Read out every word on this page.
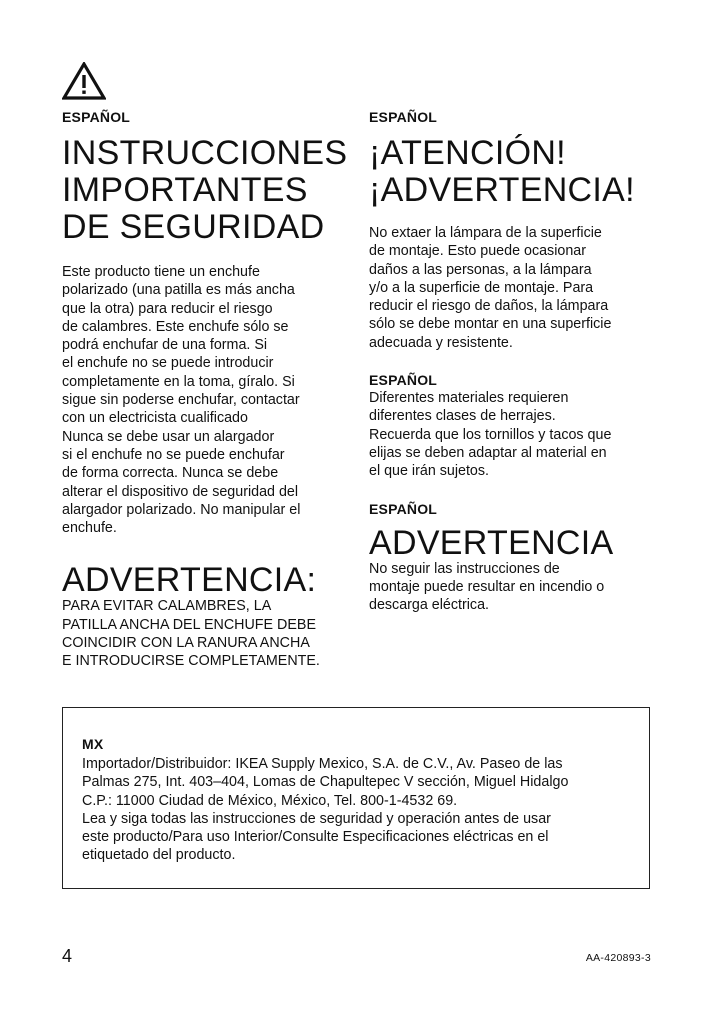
ESPAÑOL

INSTRUCCIONES
IMPORTANTES
DE SEGURIDAD

Este producto tiene un enchufe
polarizado (una patilla es más ancha
que la otra) para reducir el riesgo
de calambres. Este enchufe sólo se
podrá enchufar de una forma. Si
el enchufe no se puede introducir
completamente en la toma, gíralo. Si
sigue sin poderse enchufar, contactar
con un electricista cualificado
Nunca se debe usar un alargador
si el enchufe no se puede enchufar
de forma correcta. Nunca se debe
alterar el dispositivo de seguridad del
alargador polarizado. No manipular el
enchufe.

ADVERTENCIA:

PARA EVITAR CALAMBRES, LA
PATILLA ANCHA DEL ENCHUFE DEBE
COINCIDIR CON LA RANURA ANCHA
E INTRODUCIRSE COMPLETAMENTE.

ESPAÑOL

¡ATENCIÓN!
¡ADVERTENCIA!

No extaer la lámpara de la superficie
de montaje. Esto puede ocasionar
daños a las personas, a la lámpara
y/o a la superficie de montaje. Para
reducir el riesgo de daños, la lámpara
sólo se debe montar en una superficie
adecuada y resistente.

ESPAÑOL

Diferentes materiales requieren
diferentes clases de herrajes.
Recuerda que los tornillos y tacos que
elijas se deben adaptar al material en
el que irán sujetos.

ESPAÑOL

ADVERTENCIA

No seguir las instrucciones de
montaje puede resultar en incendio o
descarga eléctrica.

MX

Importador/Distribuidor: IKEA Supply Mexico, S.A. de C.V., Av. Paseo de las
Palmas 275, Int. 403–404, Lomas de Chapultepec V sección, Miguel Hidalgo
C.P.: 11000 Ciudad de México, México, Tel. 800-1-4532 69.
Lea y siga todas las instrucciones de seguridad y operación antes de usar
este producto/Para uso Interior/Consulte Especificaciones eléctricas en el
etiquetado del producto.

4	AA-420893-3
